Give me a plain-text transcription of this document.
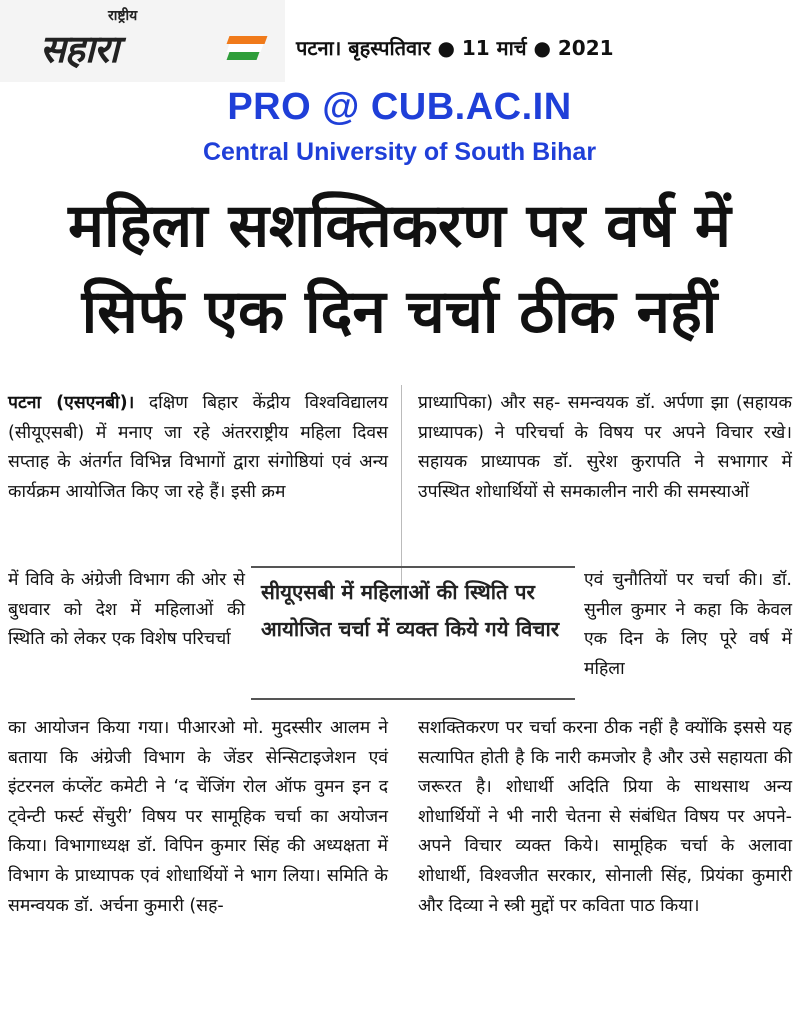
राष्ट्रीय
सहारा	पटना। बृहस्पतिवार ● 11 मार्च ● 2021
PRO @ CUB.AC.IN
Central University of South Bihar
महिला सशक्तिकरण पर वर्ष में
सिर्फ एक दिन चर्चा ठीक नहीं

पटना (एसएनबी)। दक्षिण बिहार केंद्रीय विश्वविद्यालय (सीयूएसबी) में मनाए जा रहे अंतरराष्ट्रीय महिला दिवस सप्ताह के अंतर्गत विभिन्न विभागों द्वारा संगोष्ठियां एवं अन्य कार्यक्रम आयोजित किए जा रहे हैं। इसी क्रम

में विवि के अंग्रेजी विभाग की ओर से बुधवार को देश में महिलाओं की स्थिति को लेकर एक विशेष परिचर्चा
का आयोजन किया गया। पीआरओ मो. मुदस्सीर आलम ने बताया कि अंग्रेजी विभाग के जेंडर सेन्सिटाइजेशन एवं इंटरनल कंप्लेंट कमेटी ने ‘द चेंजिंग रोल ऑफ वुमन इन द ट्वेन्टी फर्स्ट सेंचुरी’ विषय पर सामूहिक चर्चा का अयोजन किया। विभागाध्यक्ष डॉ. विपिन कुमार सिंह की अध्यक्षता में विभाग के प्राध्यापक एवं शोधार्थियों ने भाग लिया। समिति के समन्वयक डॉ. अर्चना कुमारी (सह-
प्राध्यापिका) और सह- समन्वयक डॉ. अर्पणा झा (सहायक प्राध्यापक) ने परिचर्चा के विषय पर अपने विचार रखे। सहायक प्राध्यापक डॉ. सुरेश कुरापति ने सभागार में उपस्थित शोधार्थियों से समकालीन नारी की समस्याओं
एवं चुनौतियों पर चर्चा की। डॉ. सुनील कुमार ने कहा कि केवल एक दिन के लिए पूरे वर्ष में महिला
सशक्तिकरण पर चर्चा करना ठीक नहीं है क्योंकि इससे यह सत्यापित होती है कि नारी कमजोर है और उसे सहायता की जरूरत है। शोधार्थी अदिति प्रिया के साथसाथ अन्य शोधार्थियों ने भी नारी चेतना से संबंधित विषय पर अपने-अपने विचार व्यक्त किये। सामूहिक चर्चा के अलावा शोधार्थी, विश्वजीत सरकार, सोनाली सिंह, प्रियंका कुमारी और दिव्या ने स्त्री मुद्दों पर कविता पाठ किया।
सीयूएसबी में महिलाओं की स्थिति पर आयोजित चर्चा में व्यक्त किये गये विचार
